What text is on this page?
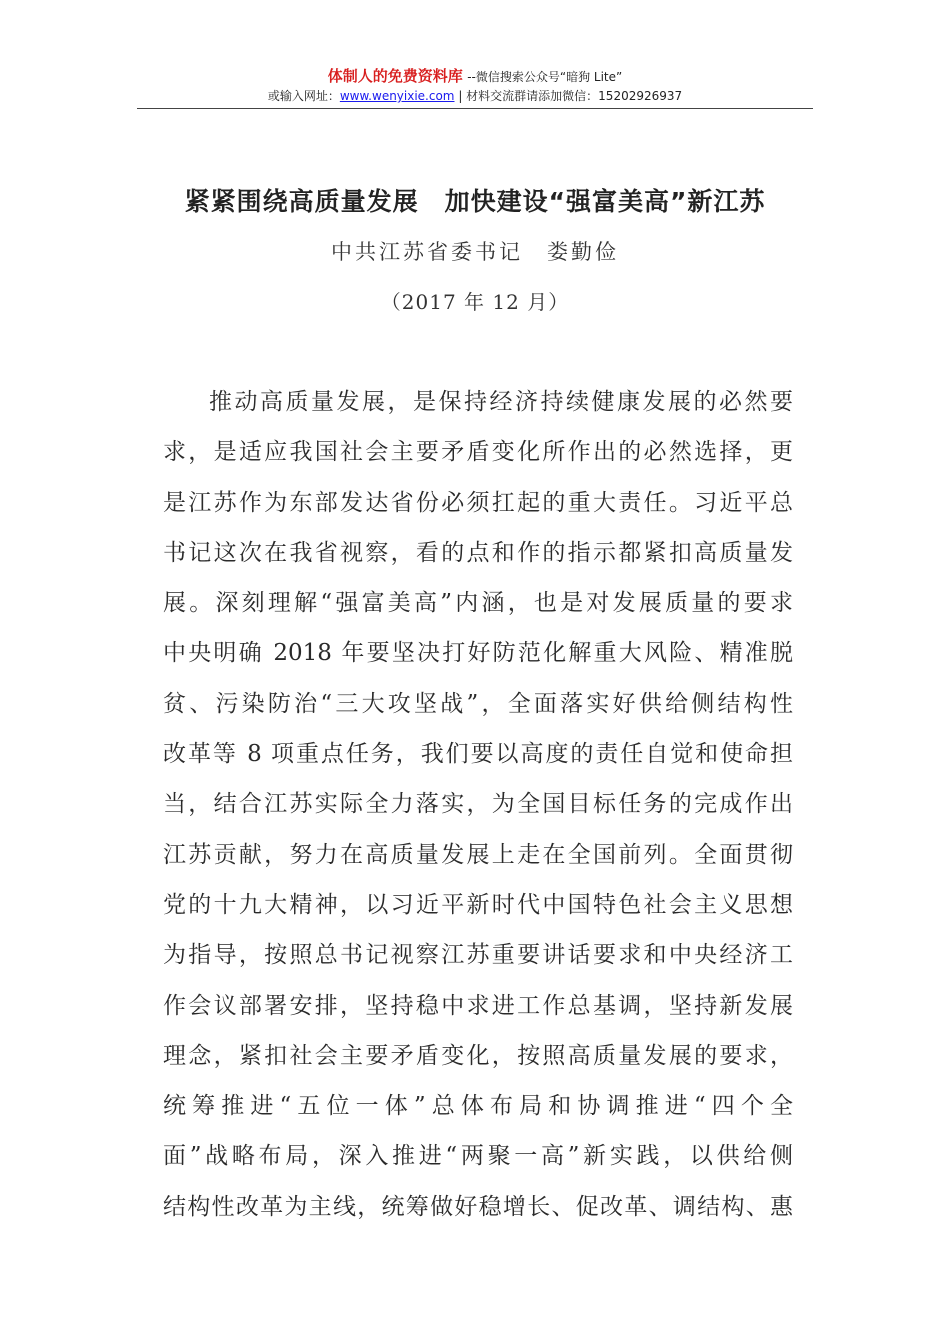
体制人的免费资料库 --微信搜索公众号“暗狗 Lite”
或输入网址：www.wenyixie.com | 材料交流群请添加微信：15202926937
紧紧围绕高质量发展　加快建设“强富美高”新江苏
中共江苏省委书记　娄勤俭
（2017 年 12 月）
推动高质量发展，是保持经济持续健康发展的必然要
求，是适应我国社会主要矛盾变化所作出的必然选择，更
是江苏作为东部发达省份必须扛起的重大责任。习近平总
书记这次在我省视察，看的点和作的指示都紧扣高质量发
展。深刻理解“强富美高”内涵，也是对发展质量的要求
中央明确 2018 年要坚决打好防范化解重大风险、精准脱
贫、污染防治“三大攻坚战”，全面落实好供给侧结构性
改革等 8 项重点任务，我们要以高度的责任自觉和使命担
当，结合江苏实际全力落实，为全国目标任务的完成作出
江苏贡献，努力在高质量发展上走在全国前列。全面贯彻
党的十九大精神，以习近平新时代中国特色社会主义思想
为指导，按照总书记视察江苏重要讲话要求和中央经济工
作会议部署安排，坚持稳中求进工作总基调，坚持新发展
理念，紧扣社会主要矛盾变化，按照高质量发展的要求，
统筹推进“五位一体”总体布局和协调推进“四个全
面”战略布局，深入推进“两聚一高”新实践，以供给侧
结构性改革为主线，统筹做好稳增长、促改革、调结构、惠
